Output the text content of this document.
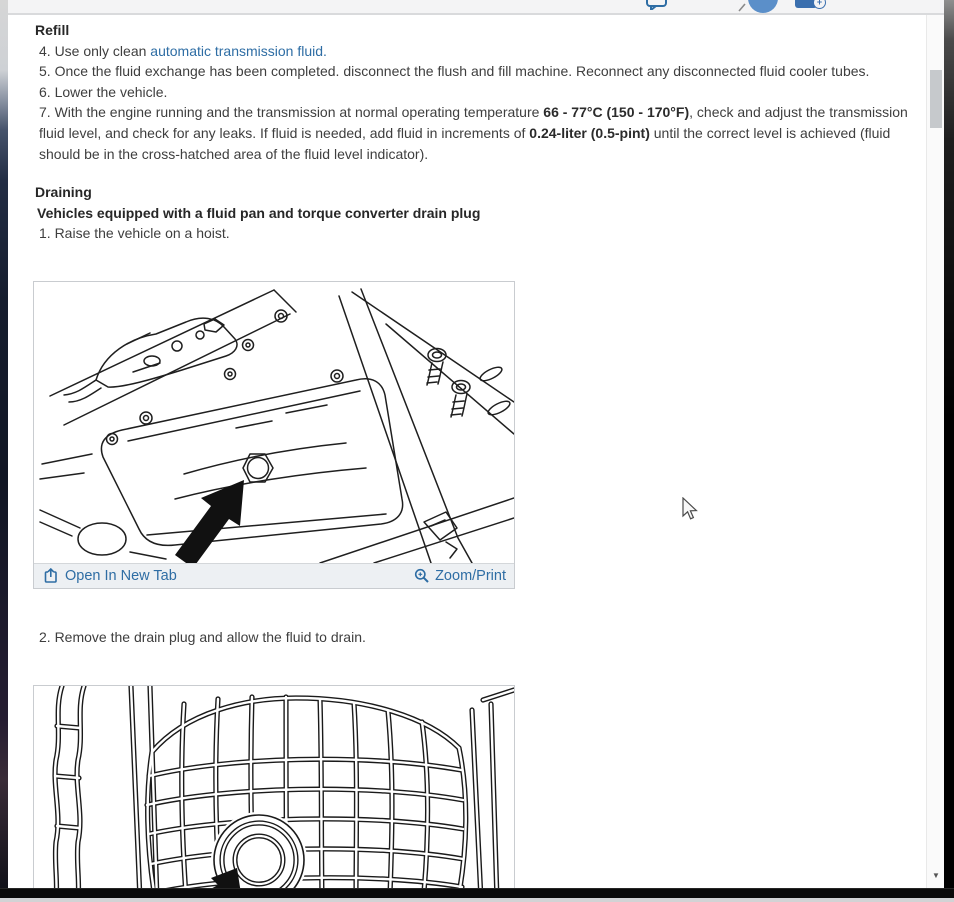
+
Refill

4. Use only clean automatic transmission fluid.

5. Once the fluid exchange has been completed. disconnect the flush and fill machine. Reconnect any disconnected fluid cooler tubes.

6. Lower the vehicle.

7. With the engine running and the transmission at normal operating temperature 66 - 77°C (150 - 170°F), check and adjust the transmission fluid level, and check for any leaks. If fluid is needed, add fluid in increments of 0.24-liter (0.5-pint) until the correct level is achieved (fluid should be in the cross-hatched area of the fluid level indicator).

Draining
Vehicles equipped with a fluid pan and torque converter drain plug

1. Raise the vehicle on a hoist.

Open In New Tab	Zoom/Print

2. Remove the drain plug and allow the fluid to drain.

▼
